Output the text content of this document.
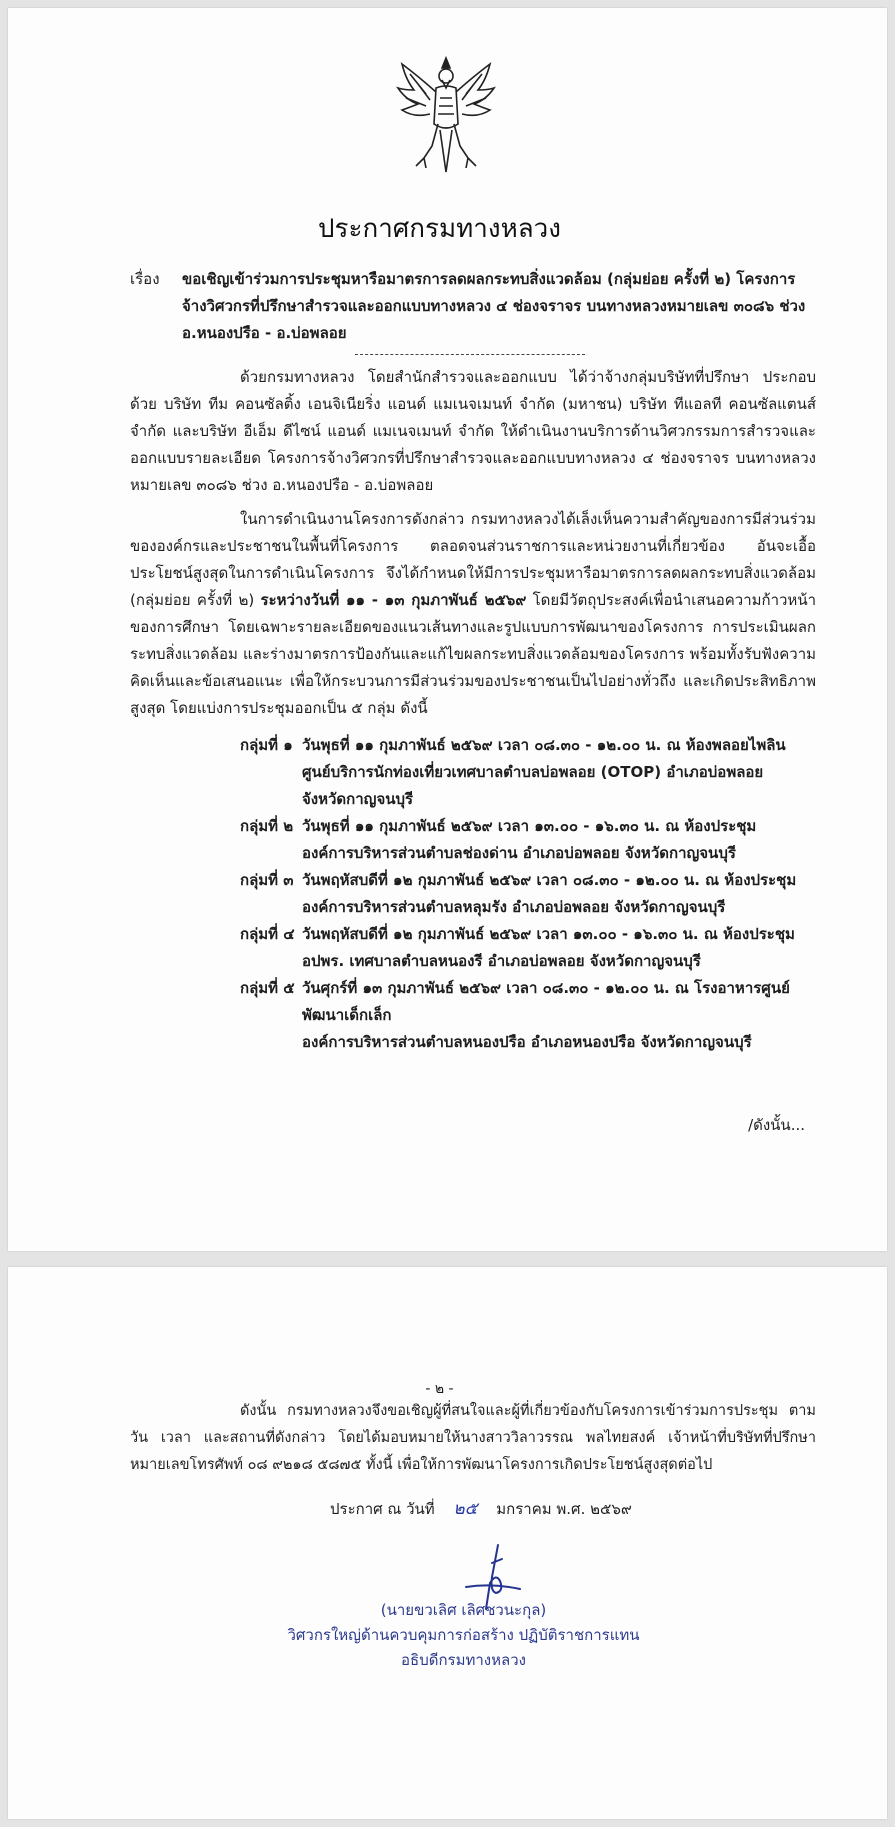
ประกาศกรมทางหลวง
เรื่อง	ขอเชิญเข้าร่วมการประชุมหารือมาตรการลดผลกระทบสิ่งแวดล้อม (กลุ่มย่อย ครั้งที่ ๒) โครงการจ้างวิศวกรที่ปรึกษาสำรวจและออกแบบทางหลวง ๔ ช่องจราจร บนทางหลวงหมายเลข ๓๐๘๖ ช่วง อ.หนองปรือ - อ.บ่อพลอย
ด้วยกรมทางหลวง โดยสำนักสำรวจและออกแบบ ได้ว่าจ้างกลุ่มบริษัทที่ปรึกษา ประกอบด้วย บริษัท ทีม คอนซัลติ้ง เอนจิเนียริ่ง แอนด์ แมเนจเมนท์ จำกัด (มหาชน) บริษัท ทีแอลที คอนซัลแตนส์ จำกัด และบริษัท อีเอ็ม ดีไซน์ แอนด์ แมเนจเมนท์ จำกัด ให้ดำเนินงานบริการด้านวิศวกรรมการสำรวจและออกแบบรายละเอียด โครงการจ้างวิศวกรที่ปรึกษาสำรวจและออกแบบทางหลวง ๔ ช่องจราจร บนทางหลวงหมายเลข ๓๐๘๖ ช่วง อ.หนองปรือ - อ.บ่อพลอย
ในการดำเนินงานโครงการดังกล่าว กรมทางหลวงได้เล็งเห็นความสำคัญของการมีส่วนร่วมขององค์กรและประชาชนในพื้นที่โครงการ ตลอดจนส่วนราชการและหน่วยงานที่เกี่ยวข้อง อันจะเอื้อประโยชน์สูงสุดในการดำเนินโครงการ จึงได้กำหนดให้มีการประชุมหารือมาตรการลดผลกระทบสิ่งแวดล้อม (กลุ่มย่อย ครั้งที่ ๒) ระหว่างวันที่ ๑๑ - ๑๓ กุมภาพันธ์ ๒๕๖๙ โดยมีวัตถุประสงค์เพื่อนำเสนอความก้าวหน้าของการศึกษา โดยเฉพาะรายละเอียดของแนวเส้นทางและรูปแบบการพัฒนาของโครงการ การประเมินผลกระทบสิ่งแวดล้อม และร่างมาตรการป้องกันและแก้ไขผลกระทบสิ่งแวดล้อมของโครงการ พร้อมทั้งรับฟังความคิดเห็นและข้อเสนอแนะ เพื่อให้กระบวนการมีส่วนร่วมของประชาชนเป็นไปอย่างทั่วถึง และเกิดประสิทธิภาพสูงสุด โดยแบ่งการประชุมออกเป็น ๕ กลุ่ม ดังนี้
กลุ่มที่ ๑ วันพุธที่ ๑๑ กุมภาพันธ์ ๒๕๖๙ เวลา ๐๘.๓๐ - ๑๒.๐๐ น. ณ ห้องพลอยไพลิน
ศูนย์บริการนักท่องเที่ยวเทศบาลตำบลบ่อพลอย (OTOP) อำเภอบ่อพลอย
จังหวัดกาญจนบุรี
กลุ่มที่ ๒ วันพุธที่ ๑๑ กุมภาพันธ์ ๒๕๖๙ เวลา ๑๓.๐๐ - ๑๖.๓๐ น. ณ ห้องประชุม
องค์การบริหารส่วนตำบลช่องด่าน อำเภอบ่อพลอย จังหวัดกาญจนบุรี
กลุ่มที่ ๓ วันพฤหัสบดีที่ ๑๒ กุมภาพันธ์ ๒๕๖๙ เวลา ๐๘.๓๐ - ๑๒.๐๐ น. ณ ห้องประชุม
องค์การบริหารส่วนตำบลหลุมรัง อำเภอบ่อพลอย จังหวัดกาญจนบุรี
กลุ่มที่ ๔ วันพฤหัสบดีที่ ๑๒ กุมภาพันธ์ ๒๕๖๙ เวลา ๑๓.๐๐ - ๑๖.๓๐ น. ณ ห้องประชุม
อปพร. เทศบาลตำบลหนองรี อำเภอบ่อพลอย จังหวัดกาญจนบุรี
กลุ่มที่ ๕ วันศุกร์ที่ ๑๓ กุมภาพันธ์ ๒๕๖๙ เวลา ๐๘.๓๐ - ๑๒.๐๐ น. ณ โรงอาหารศูนย์พัฒนาเด็กเล็ก
องค์การบริหารส่วนตำบลหนองปรือ อำเภอหนองปรือ จังหวัดกาญจนบุรี
/ดังนั้น...
- ๒ -
ดังนั้น กรมทางหลวงจึงขอเชิญผู้ที่สนใจและผู้ที่เกี่ยวข้องกับโครงการเข้าร่วมการประชุม ตามวัน เวลา และสถานที่ดังกล่าว โดยได้มอบหมายให้นางสาววิลาวรรณ พลไทยสงค์ เจ้าหน้าที่บริษัทที่ปรึกษา หมายเลขโทรศัพท์ ๐๘ ๙๒๑๘ ๕๘๗๕ ทั้งนี้ เพื่อให้การพัฒนาโครงการเกิดประโยชน์สูงสุดต่อไป
ประกาศ ณ วันที่ ๒๕ มกราคม พ.ศ. ๒๕๖๙
(นายขวเลิศ เลิศชวนะกุล)
วิศวกรใหญ่ด้านควบคุมการก่อสร้าง ปฏิบัติราชการแทน
อธิบดีกรมทางหลวง
